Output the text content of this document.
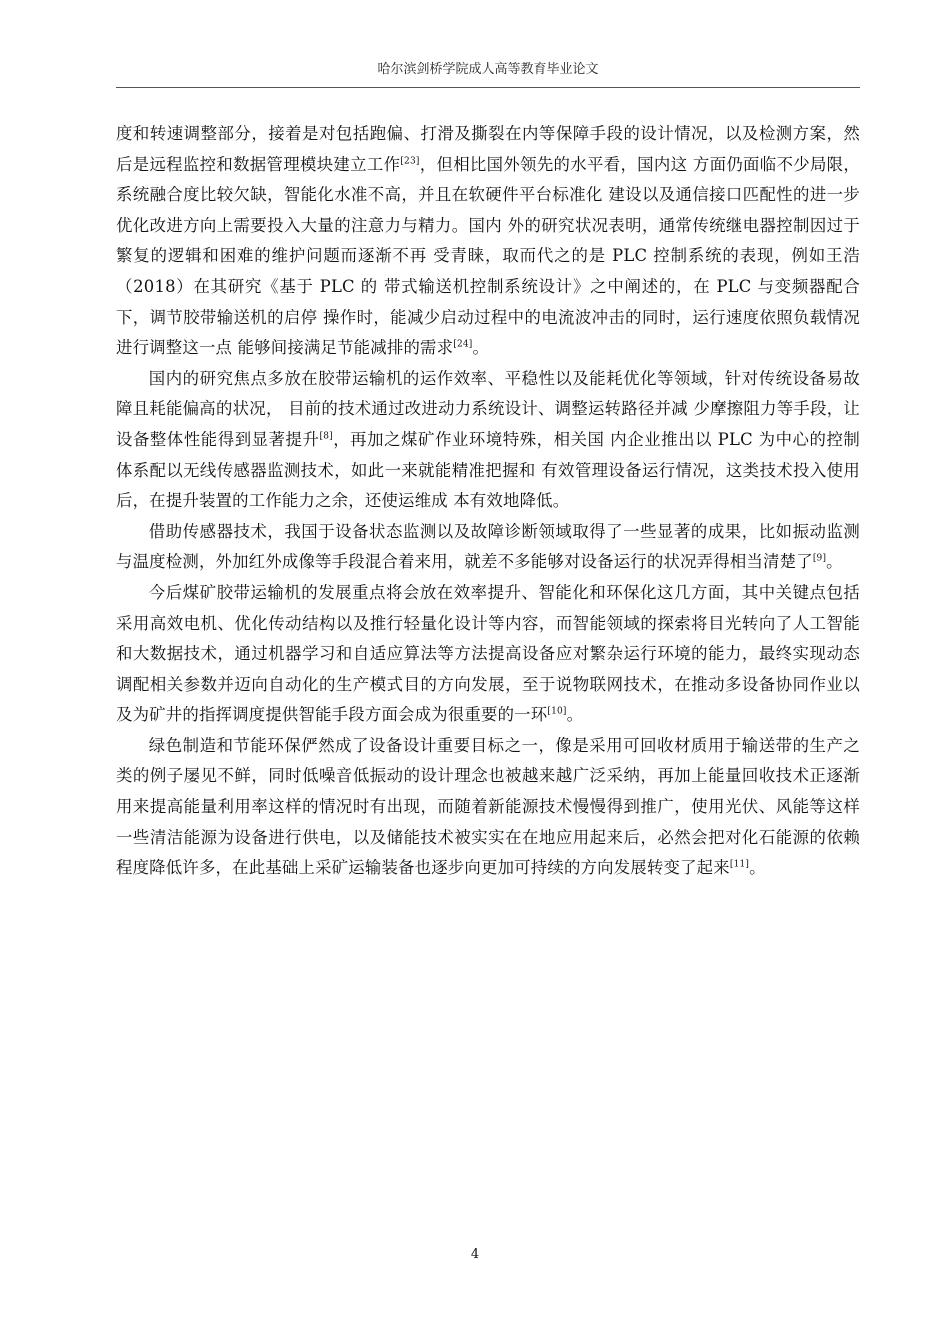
哈尔滨剑桥学院成人高等教育毕业论文

度和转速调整部分，接着是对包括跑偏、打滑及撕裂在内等保障手段的设计情况，以及检测方案，然后是远程监控和数据管理模块建立工作[23]，但相比国外领先的水平看，国内这 方面仍面临不少局限，系统融合度比较欠缺，智能化水准不高，并且在软硬件平台标准化 建设以及通信接口匹配性的进一步优化改进方向上需要投入大量的注意力与精力。国内 外的研究状况表明，通常传统继电器控制因过于繁复的逻辑和困难的维护问题而逐渐不再 受青睐，取而代之的是 PLC 控制系统的表现，例如王浩（2018）在其研究《基于 PLC 的 带式输送机控制系统设计》之中阐述的，在 PLC 与变频器配合下，调节胶带输送机的启停 操作时，能减少启动过程中的电流波冲击的同时，运行速度依照负载情况进行调整这一点 能够间接满足节能减排的需求[24]。

国内的研究焦点多放在胶带运输机的运作效率、平稳性以及能耗优化等领域，针对传统设备易故障且耗能偏高的状况， 目前的技术通过改进动力系统设计、调整运转路径并减 少摩擦阻力等手段，让设备整体性能得到显著提升[8]，再加之煤矿作业环境特殊，相关国 内企业推出以 PLC 为中心的控制体系配以无线传感器监测技术，如此一来就能精准把握和 有效管理设备运行情况，这类技术投入使用后，在提升装置的工作能力之余，还使运维成 本有效地降低。

借助传感器技术，我国于设备状态监测以及故障诊断领域取得了一些显著的成果，比如振动监测与温度检测，外加红外成像等手段混合着来用，就差不多能够对设备运行的状况弄得相当清楚了[9]。

今后煤矿胶带运输机的发展重点将会放在效率提升、智能化和环保化这几方面，其中关键点包括采用高效电机、优化传动结构以及推行轻量化设计等内容，而智能领域的探索将目光转向了人工智能和大数据技术，通过机器学习和自适应算法等方法提高设备应对繁杂运行环境的能力，最终实现动态调配相关参数并迈向自动化的生产模式目的方向发展，至于说物联网技术，在推动多设备协同作业以及为矿井的指挥调度提供智能手段方面会成为很重要的一环[10]。

绿色制造和节能环保俨然成了设备设计重要目标之一，像是采用可回收材质用于输送带的生产之类的例子屡见不鲜，同时低噪音低振动的设计理念也被越来越广泛采纳，再加上能量回收技术正逐渐用来提高能量利用率这样的情况时有出现，而随着新能源技术慢慢得到推广，使用光伏、风能等这样一些清洁能源为设备进行供电，以及储能技术被实实在在地应用起来后，必然会把对化石能源的依赖程度降低许多，在此基础上采矿运输装备也逐步向更加可持续的方向发展转变了起来[11]。

4
